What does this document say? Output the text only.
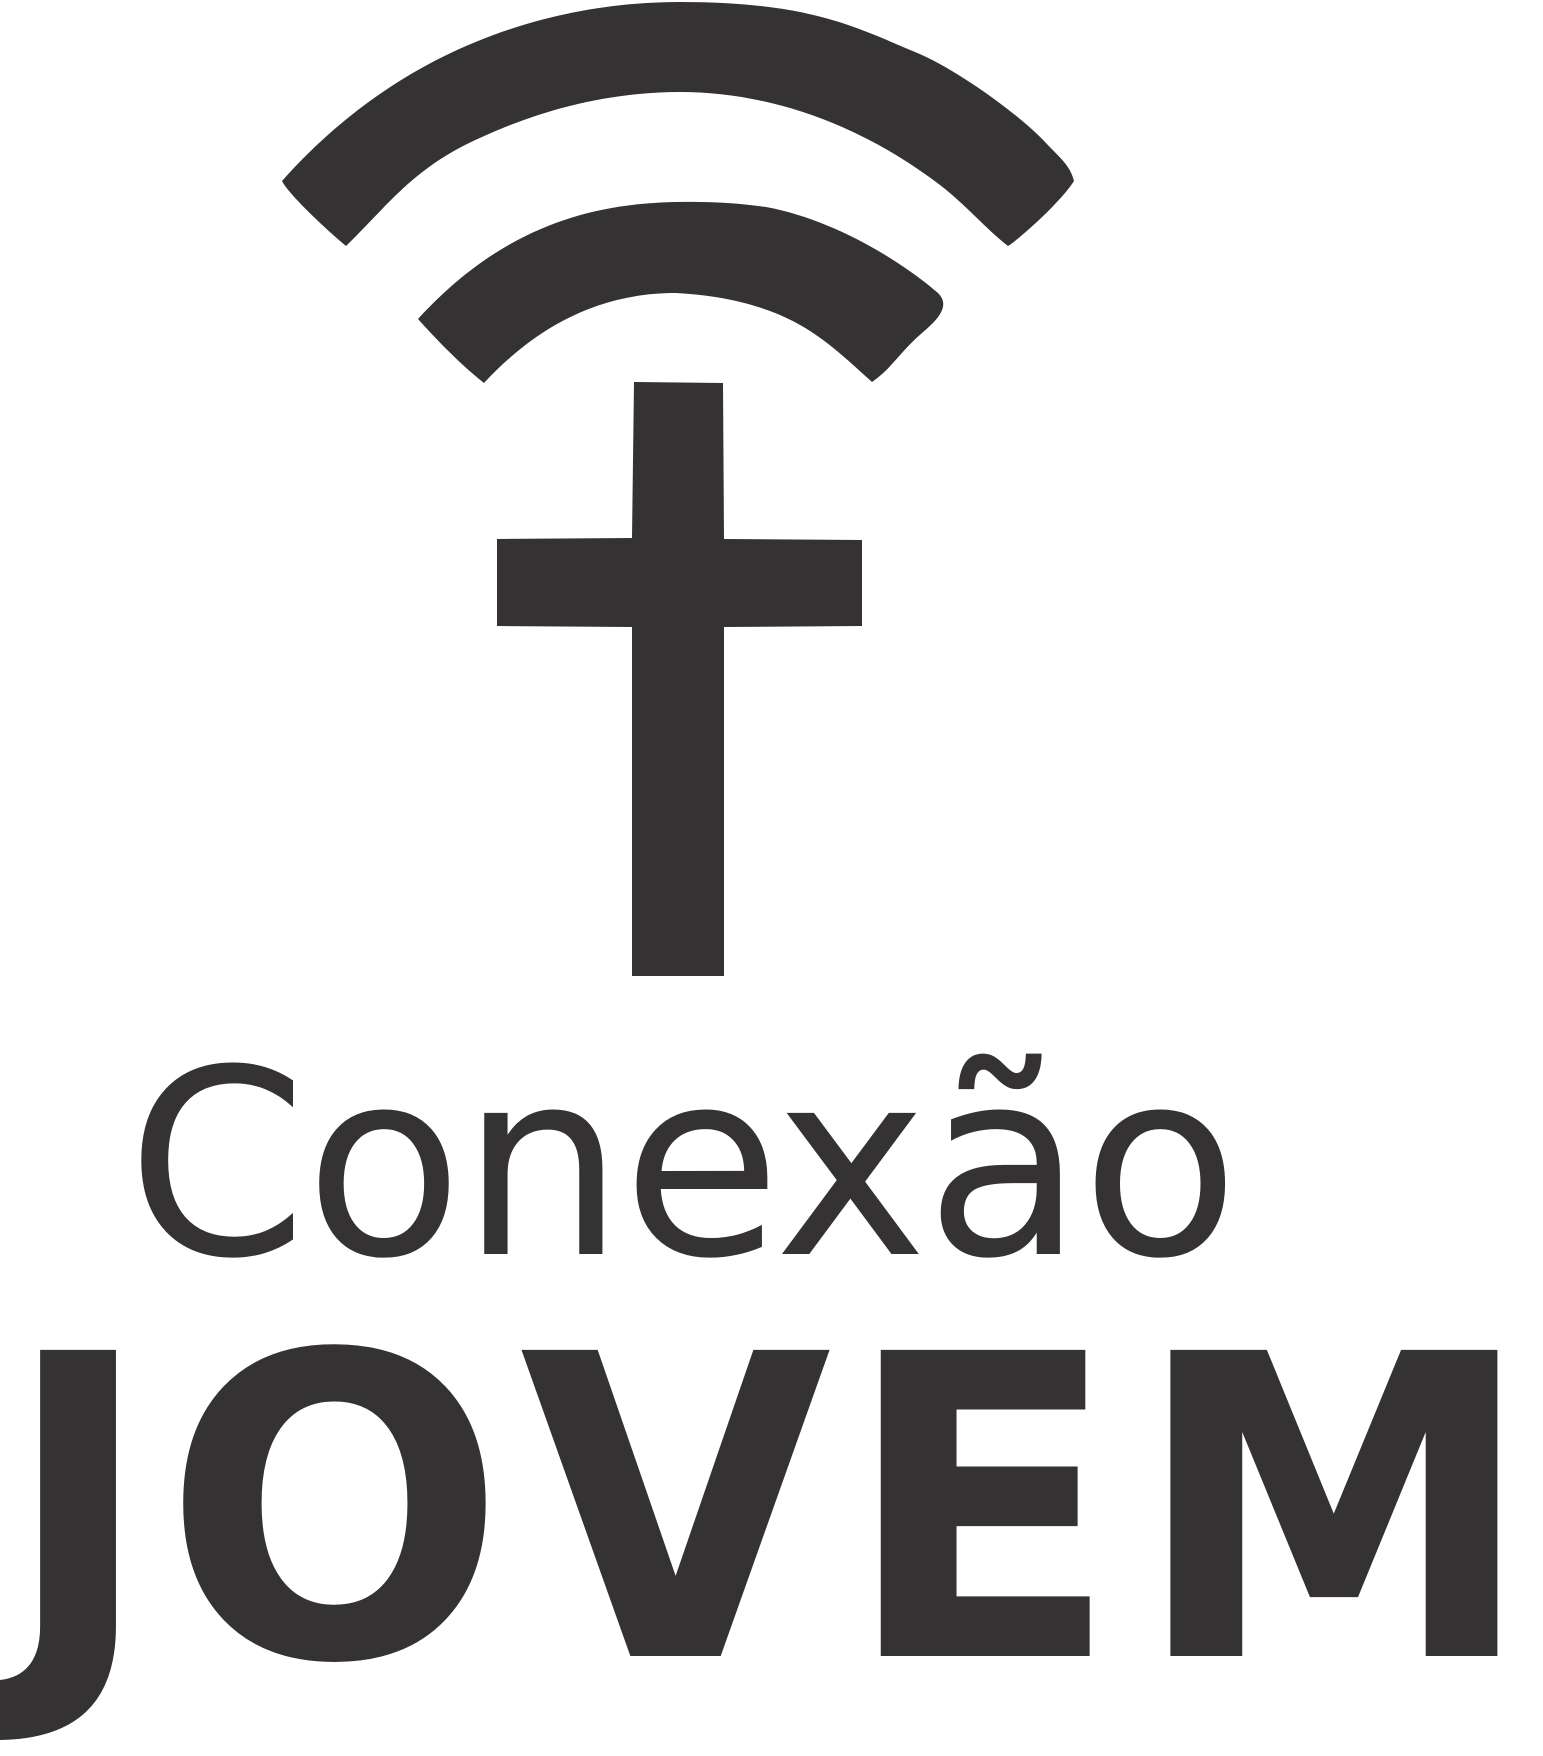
Conexão
JOVEM
